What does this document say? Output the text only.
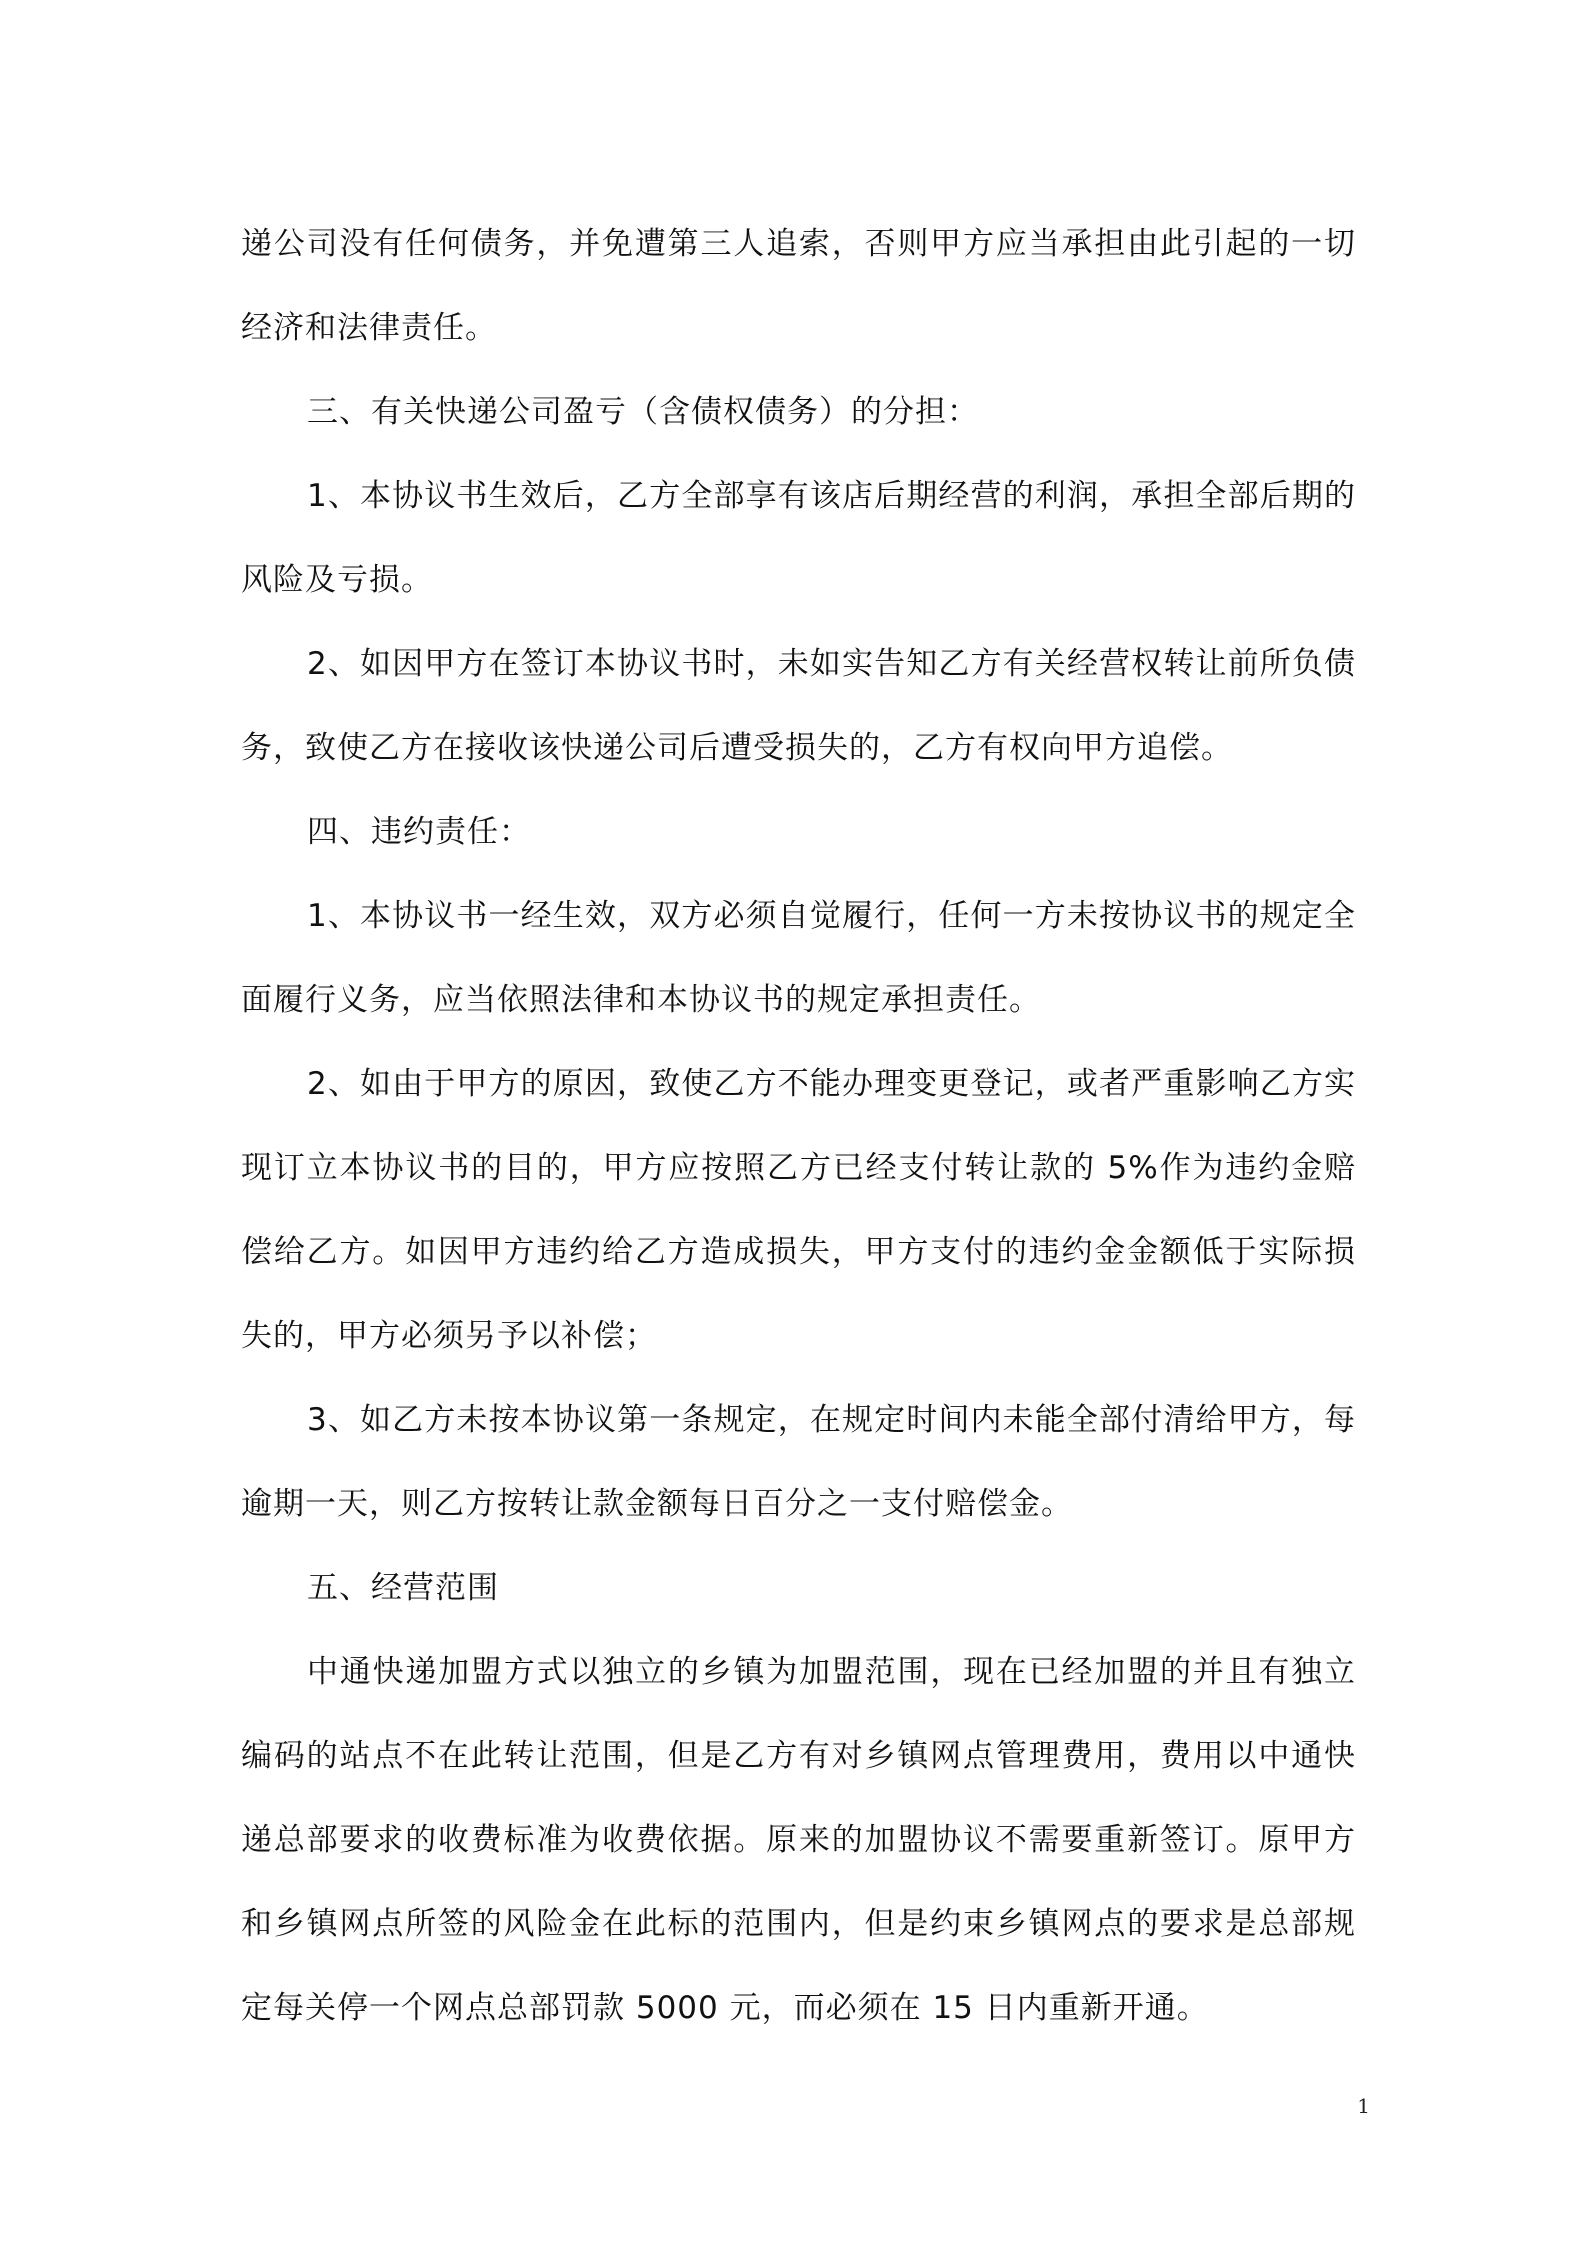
递公司没有任何债务，并免遭第三人追索，否则甲方应当承担由此引起的一切经济和法律责任。

三、有关快递公司盈亏（含债权债务）的分担：

1、本协议书生效后，乙方全部享有该店后期经营的利润，承担全部后期的风险及亏损。

2、如因甲方在签订本协议书时，未如实告知乙方有关经营权转让前所负债务，致使乙方在接收该快递公司后遭受损失的，乙方有权向甲方追偿。

四、违约责任：

1、本协议书一经生效，双方必须自觉履行，任何一方未按协议书的规定全面履行义务，应当依照法律和本协议书的规定承担责任。

2、如由于甲方的原因，致使乙方不能办理变更登记，或者严重影响乙方实现订立本协议书的目的，甲方应按照乙方已经支付转让款的 5%作为违约金赔偿给乙方。如因甲方违约给乙方造成损失，甲方支付的违约金金额低于实际损失的，甲方必须另予以补偿；

3、如乙方未按本协议第一条规定，在规定时间内未能全部付清给甲方，每逾期一天，则乙方按转让款金额每日百分之一支付赔偿金。

五、经营范围

中通快递加盟方式以独立的乡镇为加盟范围，现在已经加盟的并且有独立编码的站点不在此转让范围，但是乙方有对乡镇网点管理费用，费用以中通快递总部要求的收费标准为收费依据。原来的加盟协议不需要重新签订。原甲方和乡镇网点所签的风险金在此标的范围内，但是约束乡镇网点的要求是总部规定每关停一个网点总部罚款 5000 元，而必须在 15 日内重新开通。

1
